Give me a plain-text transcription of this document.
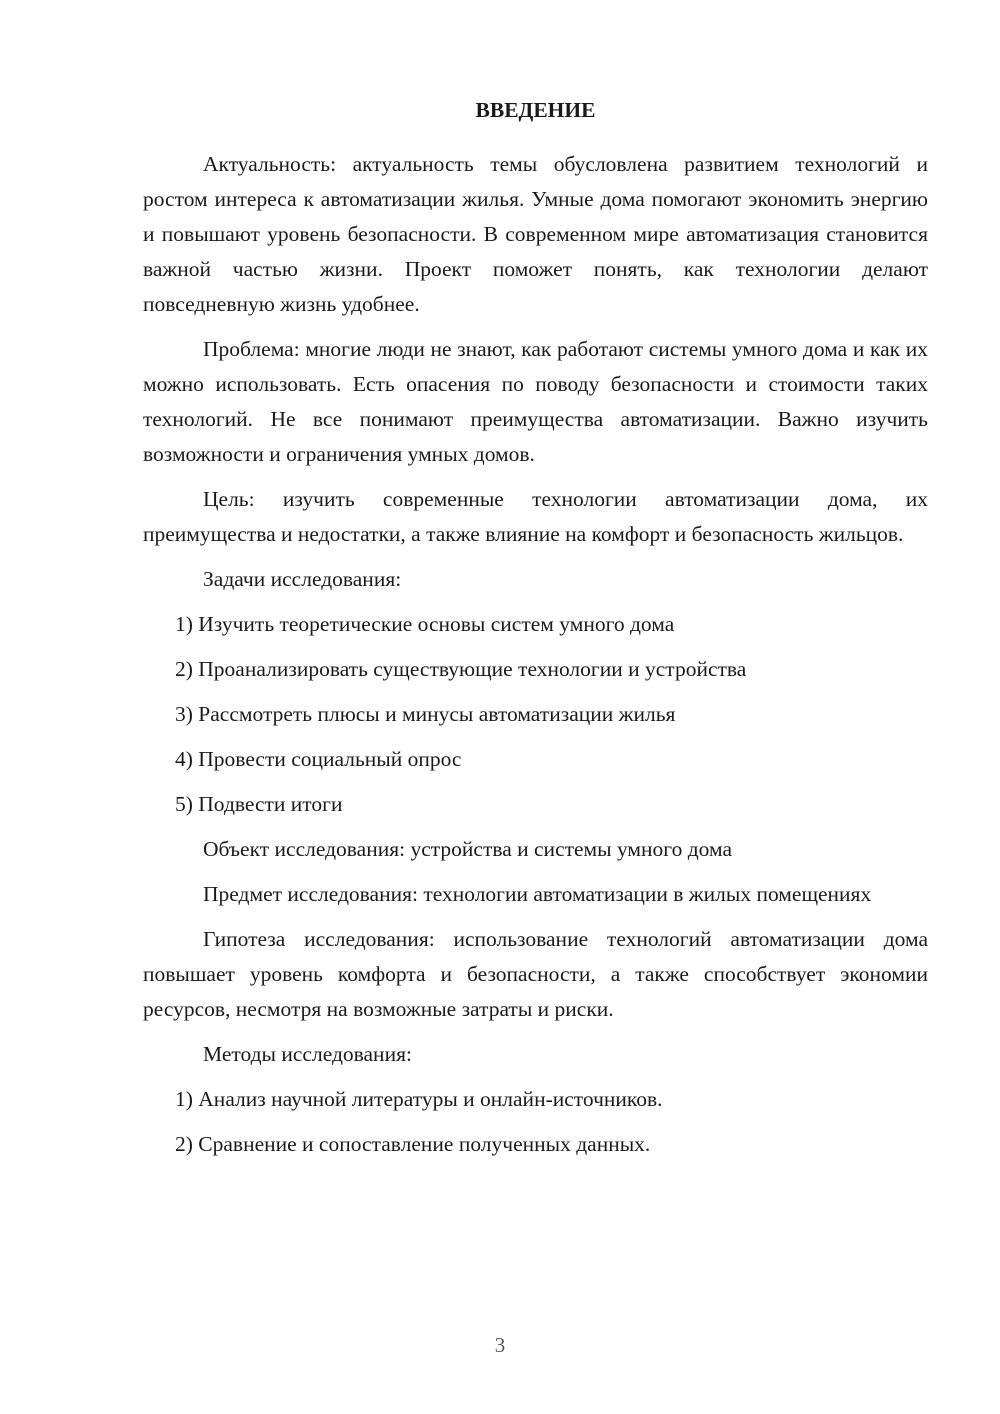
ВВЕДЕНИЕ

Актуальность: актуальность темы обусловлена развитием технологий и ростом интереса к автоматизации жилья. Умные дома помогают экономить энергию и повышают уровень безопасности. В современном мире автоматизация становится важной частью жизни. Проект поможет понять, как технологии делают повседневную жизнь удобнее.

Проблема: многие люди не знают, как работают системы умного дома и как их можно использовать. Есть опасения по поводу безопасности и стоимости таких технологий. Не все понимают преимущества автоматизации. Важно изучить возможности и ограничения умных домов.

Цель: изучить современные технологии автоматизации дома, их преимущества и недостатки, а также влияние на комфорт и безопасность жильцов.

Задачи исследования:

1) Изучить теоретические основы систем умного дома

2) Проанализировать существующие технологии и устройства

3) Рассмотреть плюсы и минусы автоматизации жилья

4) Провести социальный опрос

5) Подвести итоги

Объект исследования: устройства и системы умного дома

Предмет исследования: технологии автоматизации в жилых помещениях

Гипотеза исследования: использование технологий автоматизации дома повышает уровень комфорта и безопасности, а также способствует экономии ресурсов, несмотря на возможные затраты и риски.

Методы исследования:

1) Анализ научной литературы и онлайн-источников.

2) Сравнение и сопоставление полученных данных.

3
